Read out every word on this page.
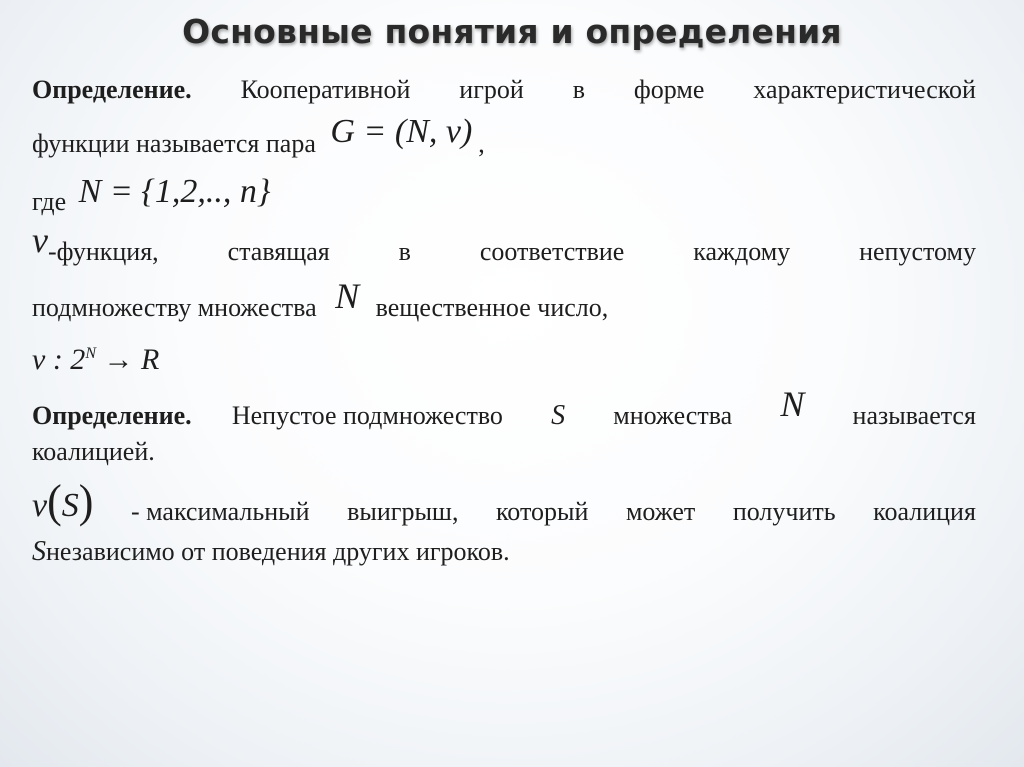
Основные понятия и определения
Определение. Кооперативной игрой в форме характеристической
функции называется пара G = (N, v) ,
где N = {1,2,.., n}
v-функция,	ставящая	в	соответствие	каждому	непустому
подмножеству множества N вещественное число,
v : $2^N \to R$
Определение. Непустое подмножество S множества N называется
коалицией.
v(S) - максимальный выигрыш, который может получить коалиция
Sнезависимо от поведения других игроков.
